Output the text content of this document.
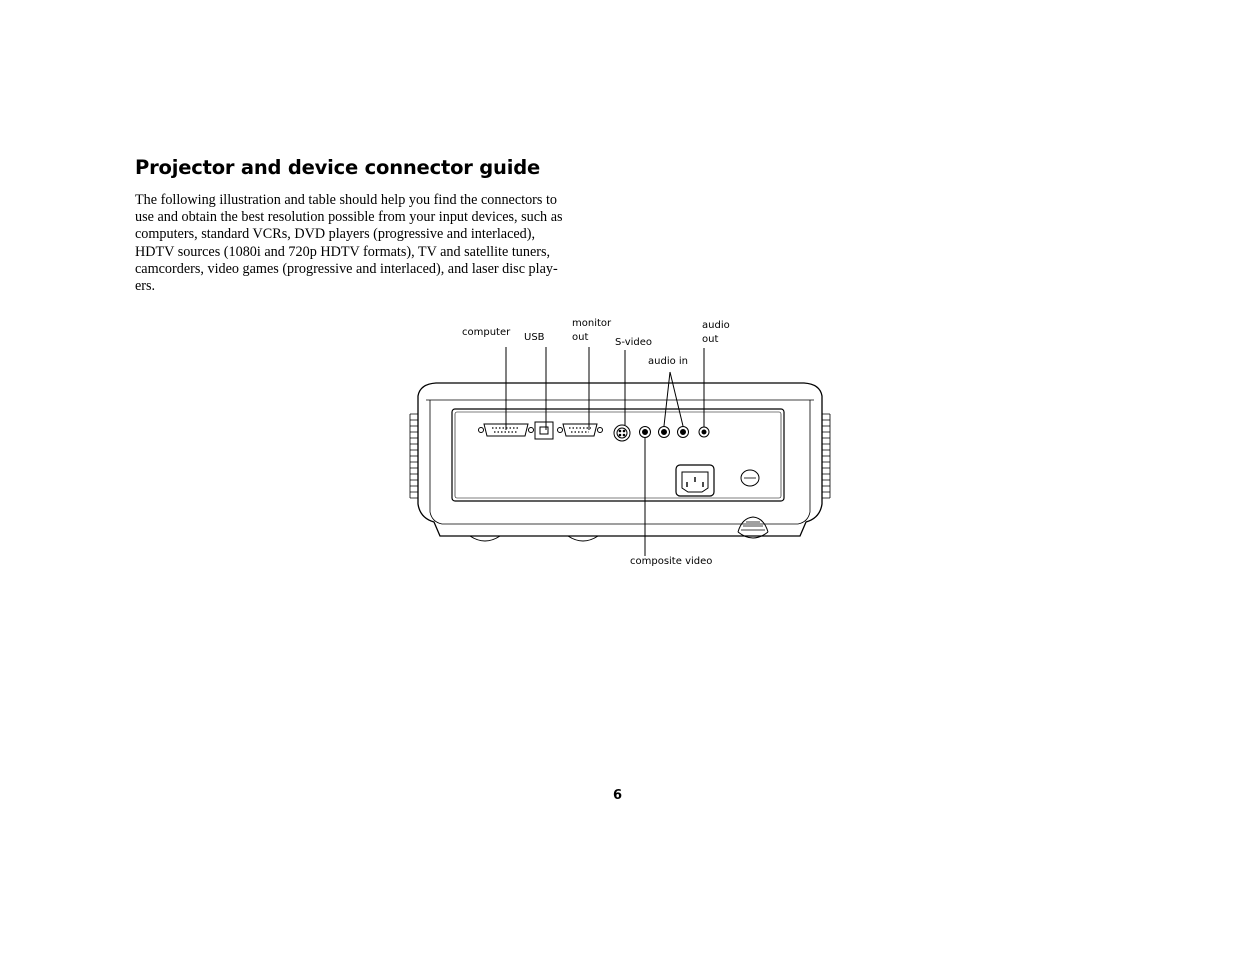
Projector and device connector guide

The following illustration and table should help you find the connectors to
use and obtain the best resolution possible from your input devices, such as
computers, standard VCRs, DVD players (progressive and interlaced),
HDTV sources (1080i and 720p HDTV formats), TV and satellite tuners,
camcorders, video games (progressive and interlaced), and laser disc play-
ers.

computer USB
monitor
out	S-video
audio in
audio
out
composite video
6
